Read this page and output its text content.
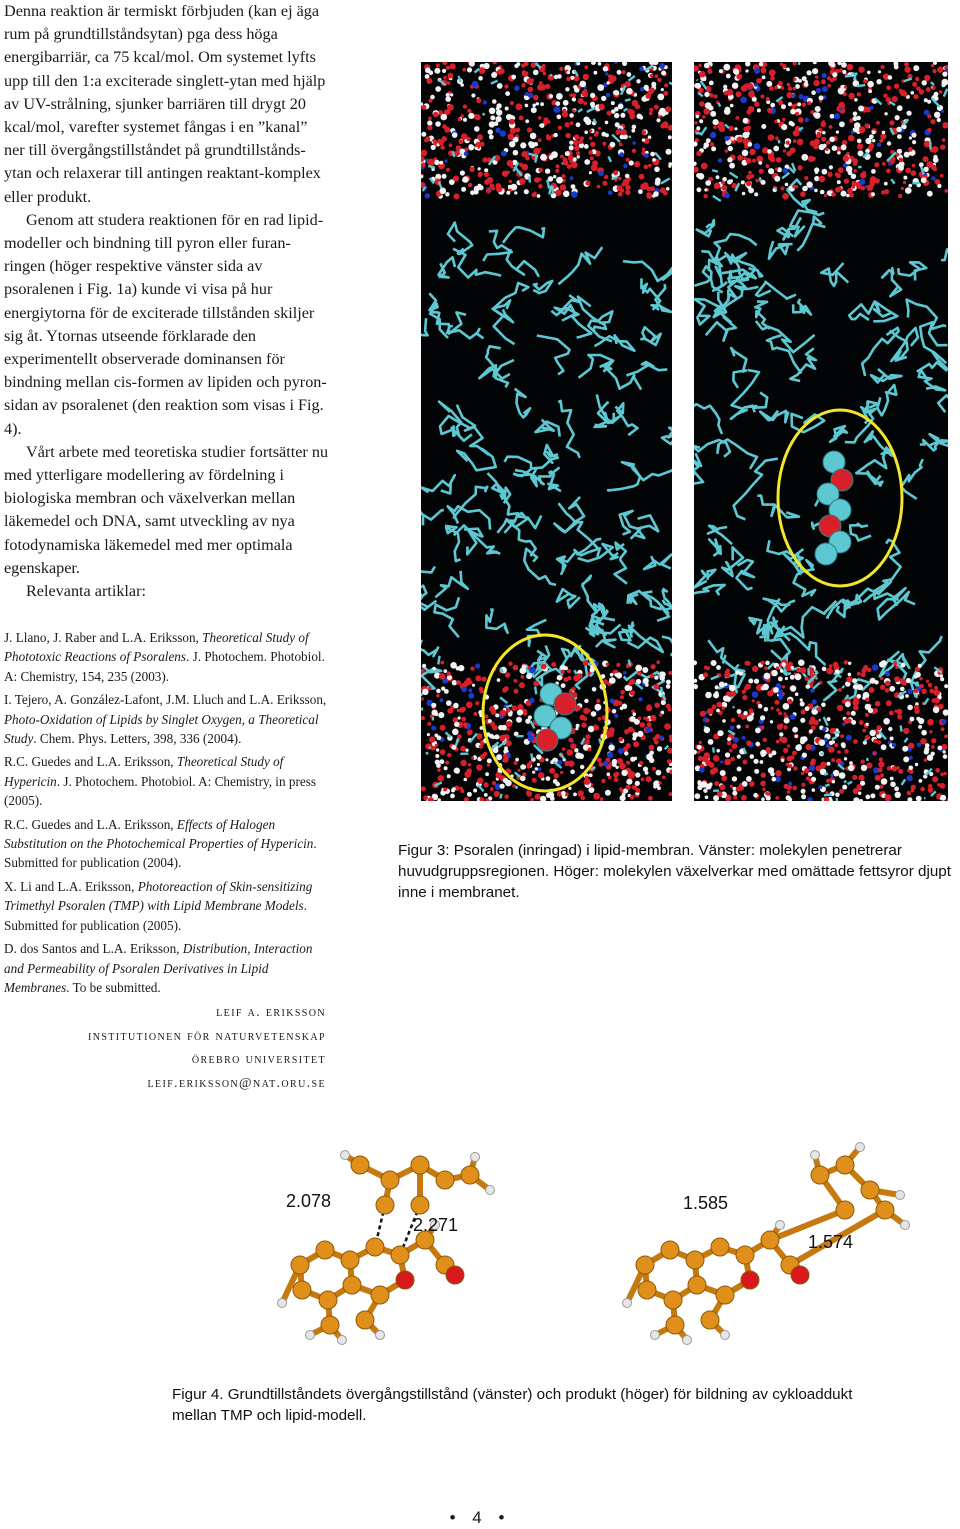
Denna reaktion är termiskt förbjuden (kan ej äga rum på grundtillståndsytan) pga dess höga energibarriär, ca 75 kcal/mol. Om systemet lyfts upp till den 1:a exciterade singlett-ytan med hjälp av UV-strålning, sjunker barriären till drygt 20 kcal/mol, varefter systemet fångas i en ”kanal” ner till övergångstillståndet på grundtillstånds-ytan och relaxerar till antingen reaktant-komplex eller produkt.

Genom att studera reaktionen för en rad lipid-modeller och bindning till pyron eller furan-ringen (höger respektive vänster sida av psoralenen i Fig. 1a) kunde vi visa på hur energiytorna för de exciterade tillstånden skiljer sig åt. Ytornas utseende förklarade den experimentellt observerade dominansen för bindning mellan cis-formen av lipiden och pyron-sidan av psoralenet (den reaktion som visas i Fig. 4).

Vårt arbete med teoretiska studier fortsätter nu med ytterligare modellering av fördelning i biologiska membran och växelverkan mellan läkemedel och DNA, samt utveckling av nya fotodynamiska läkemedel med mer optimala egenskaper.

Relevanta artiklar:

J. Llano, J. Raber and L.A. Eriksson, Theoretical Study of Phototoxic Reactions of Psoralens. J. Photochem. Photobiol. A: Chemistry, 154, 235 (2003).
I. Tejero, A. González-Lafont, J.M. Lluch and L.A. Eriksson, Photo-Oxidation of Lipids by Singlet Oxygen, a Theoretical Study. Chem. Phys. Letters, 398, 336 (2004).
R.C. Guedes and L.A. Eriksson, Theoretical Study of Hypericin. J. Photochem. Photobiol. A: Chemistry, in press (2005).
R.C. Guedes and L.A. Eriksson, Effects of Halogen Substitution on the Photochemical Properties of Hypericin. Submitted for publication (2004).
X. Li and L.A. Eriksson, Photoreaction of Skin-sensitizing Trimethyl Psoralen (TMP) with Lipid Membrane Models. Submitted for publication (2005).
D. dos Santos and L.A. Eriksson, Distribution, Interaction and Permeability of Psoralen Derivatives in Lipid Membranes. To be submitted.
leif a. eriksson
institutionen för naturvetenskap
örebro universitet
leif.eriksson@nat.oru.se
Figur 3: Psoralen (inringad) i lipid-membran. Vänster: molekylen penetrerar huvudgruppsregionen. Höger: molekylen växelverkar med omättade fettsyror djupt inne i membranet.
2.078
2.271
1.585
1.574
Figur 4. Grundtillståndets övergångstillstånd (vänster) och produkt (höger) för bildning av cykloaddukt mellan TMP och lipid-modell.
• 4 •
